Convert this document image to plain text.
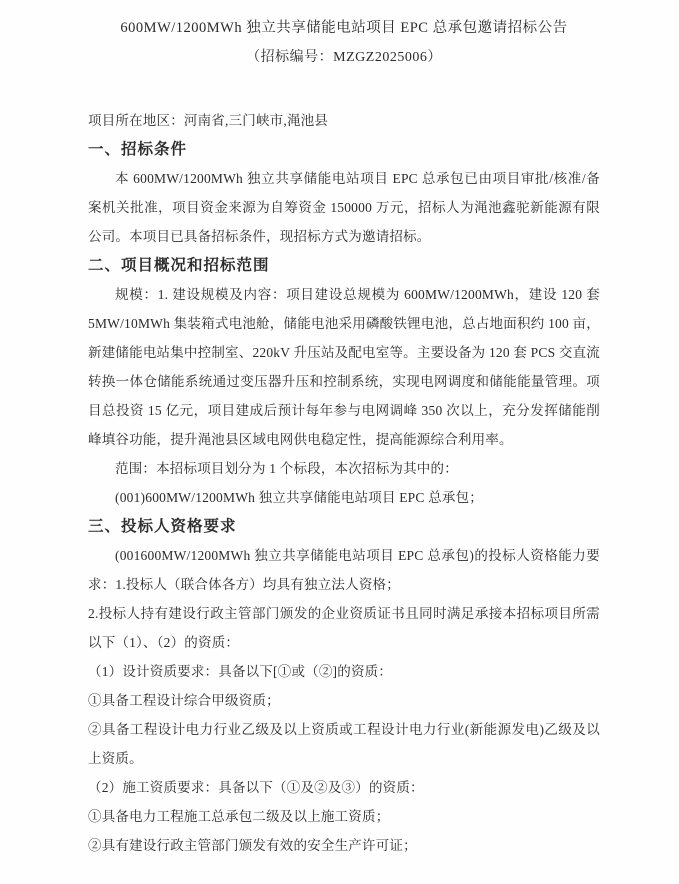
600MW/1200MWh 独立共享储能电站项目 EPC 总承包邀请招标公告

（招标编号：MZGZ2025006）

项目所在地区：河南省,三门峡市,渑池县

一、招标条件

本 600MW/1200MWh 独立共享储能电站项目 EPC 总承包已由项目审批/核准/备案机关批准，项目资金来源为自筹资金 150000 万元，招标人为渑池鑫驼新能源有限公司。本项目已具备招标条件，现招标方式为邀请招标。

二、项目概况和招标范围

规模：1. 建设规模及内容：项目建设总规模为 600MW/1200MWh，建设 120 套 5MW/10MWh 集装箱式电池舱，储能电池采用磷酸铁锂电池，总占地面积约 100 亩，新建储能电站集中控制室、220kV 升压站及配电室等。主要设备为 120 套 PCS 交直流转换一体仓储能系统通过变压器升压和控制系统，实现电网调度和储能能量管理。项目总投资 15 亿元，项目建成后预计每年参与电网调峰 350 次以上，充分发挥储能削峰填谷功能，提升渑池县区域电网供电稳定性，提高能源综合利用率。

范围：本招标项目划分为 1 个标段，本次招标为其中的：

(001)600MW/1200MWh 独立共享储能电站项目 EPC 总承包；

三、投标人资格要求

(001600MW/1200MWh 独立共享储能电站项目 EPC 总承包)的投标人资格能力要求：1.投标人（联合体各方）均具有独立法人资格；

2.投标人持有建设行政主管部门颁发的企业资质证书且同时满足承接本招标项目所需以下（1）、（2）的资质：

（1）设计资质要求：具备以下[①或（②]的资质：

①具备工程设计综合甲级资质；

②具备工程设计电力行业乙级及以上资质或工程设计电力行业(新能源发电)乙级及以上资质。

（2）施工资质要求：具备以下（①及②及③）的资质：

①具备电力工程施工总承包二级及以上施工资质；

②具有建设行政主管部门颁发有效的安全生产许可证；
